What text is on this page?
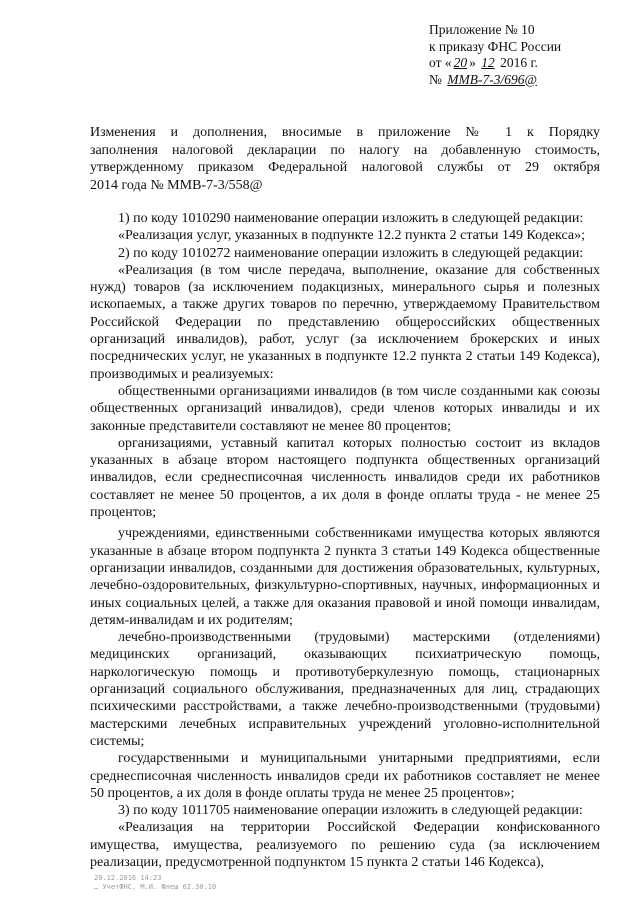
Приложение № 10
к приказу ФНС России
от « 20 » 12 2016 г.
№ ММВ-7-3/696@
Изменения и дополнения, вносимые в приложение № 1 к Порядку
заполнения налоговой декларации по налогу на добавленную стоимость,
утвержденному приказом Федеральной налоговой службы от 29 октября
2014 года № ММВ-7-3/558@

1) по коду 1010290 наименование операции изложить в следующей редакции:

«Реализация услуг, указанных в подпункте 12.2 пункта 2 статьи 149 Кодекса»;

2) по коду 1010272 наименование операции изложить в следующей редакции:

«Реализация (в том числе передача, выполнение, оказание для собственных нужд) товаров (за исключением подакцизных, минерального сырья и полезных ископаемых, а также других товаров по перечню, утверждаемому Правительством Российской Федерации по представлению общероссийских общественных организаций инвалидов), работ, услуг (за исключением брокерских и иных посреднических услуг, не указанных в подпункте 12.2 пункта 2 статьи 149 Кодекса), производимых и реализуемых:

общественными организациями инвалидов (в том числе созданными как союзы общественных организаций инвалидов), среди членов которых инвалиды и их законные представители составляют не менее 80 процентов;

организациями, уставный капитал которых полностью состоит из вкладов указанных в абзаце втором настоящего подпункта общественных организаций инвалидов, если среднесписочная численность инвалидов среди их работников составляет не менее 50 процентов, а их доля в фонде оплаты труда - не менее 25 процентов;

учреждениями, единственными собственниками имущества которых являются указанные в абзаце втором подпункта 2 пункта 3 статьи 149 Кодекса общественные организации инвалидов, созданными для достижения образовательных, культурных, лечебно-оздоровительных, физкультурно-спортивных, научных, информационных и иных социальных целей, а также для оказания правовой и иной помощи инвалидам, детям-инвалидам и их родителям;

лечебно-производственными (трудовыми) мастерскими (отделениями) медицинских организаций, оказывающих психиатрическую помощь, наркологическую помощь и противотуберкулезную помощь, стационарных организаций социального обслуживания, предназначенных для лиц, страдающих психическими расстройствами, а также лечебно-производственными (трудовыми) мастерскими лечебных исправительных учреждений уголовно-исполнительной системы;

государственными и муниципальными унитарными предприятиями, если среднесписочная численность инвалидов среди их работников составляет не менее 50 процентов, а их доля в фонде оплаты труда не менее 25 процентов»;

3) по коду 1011705 наименование операции изложить в следующей редакции:

«Реализация на территории Российской Федерации конфискованного имущества, имущества, реализуемого по решению суда (за исключением реализации, предусмотренной подпунктом 15 пункта 2 статьи 146 Кодекса),

29.12.2016 14:23
… УчетФНС, М.И. Флеш 62.30.10
